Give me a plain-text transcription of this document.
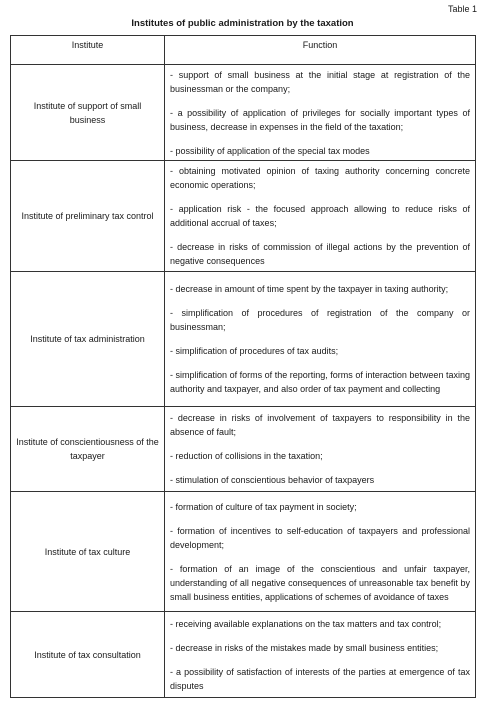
Table 1
Institutes of public administration by the taxation
Institute	Function
Institute of support of small business	- support of small business at the initial stage at registration of the businessman or the company;
- a possibility of application of privileges for socially important types of business, decrease in expenses in the field of the taxation;
- possibility of application of the special tax modes

Institute of preliminary tax control	- obtaining motivated opinion of taxing authority concerning concrete economic operations;
- application risk - the focused approach allowing to reduce risks of additional accrual of taxes;
- decrease in risks of commission of illegal actions by the prevention of negative consequences

Institute of tax administration	- decrease in amount of time spent by the taxpayer in taxing authority;
- simplification of procedures of registration of the company or businessman;
- simplification of procedures of tax audits;
- simplification of forms of the reporting, forms of interaction between taxing authority and taxpayer, and also order of tax payment and collecting

Institute of conscientiousness of the taxpayer	- decrease in risks of involvement of taxpayers to responsibility in the absence of fault;
- reduction of collisions in the taxation;
- stimulation of conscientious behavior of taxpayers

Institute of tax culture	- formation of culture of tax payment in society;
- formation of incentives to self-education of taxpayers and professional development;
- formation of an image of the conscientious and unfair taxpayer, understanding of all negative consequences of unreasonable tax benefit by small business entities, applications of schemes of avoidance of taxes

Institute of tax consultation	- receiving available explanations on the tax matters and tax control;
- decrease in risks of the mistakes made by small business entities;
- a possibility of satisfaction of interests of the parties at emergence of tax disputes
